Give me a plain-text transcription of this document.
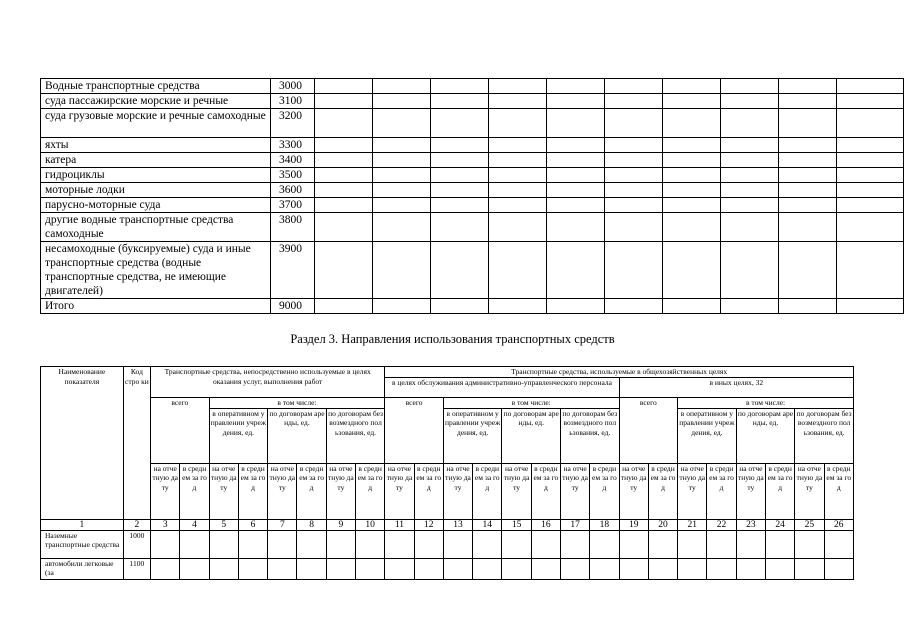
Водные транспортные средства	3000										
суда пассажирские морские и речные	3100										
суда грузовые морские и речные самоходные	3200										
яхты	3300										
катера	3400										
гидроциклы	3500										
моторные лодки	3600										
парусно-моторные суда	3700										
другие водные транспортные средства самоходные	3800										
несамоходные (буксируемые) суда и иные транспортные средства (водные транспортные средства, не имеющие двигателей)	3900										
Итого	9000										
Раздел 3. Направления использования транспортных средств
Наименование показателя	Код стро ки	Транспортные средства, непосредственно используемые в целях оказания услуг, выполнения работ								Транспортные средства, используемые в общехозяйственных целях															
										в целях обслуживания административно-управленческого персонала								в иных целях, 32							
		всего		в том числе:						всего		в том числе:						всего		в том числе:					
				в оперативном управлении учреждения, ед.		по договорам аренды, ед.		по договорам безвозмездного пользования, ед.				в оперативном управлении учреждения, ед.		по договорам аренды, ед.		по договорам безвозмездного пользования, ед.				в оперативном управлении учреждения, ед.		по договорам аренды, ед.		по договорам безвозмездного пользования, ед.	
		на отчетную дату	в среднем за год	на отчетную дату	в среднем за год	на отчетную дату	в среднем за год	на отчетную дату	в среднем за год	на отчетную дату	в среднем за год	на отчетную дату	в среднем за год	на отчетную дату	в среднем за год	на отчетную дату	в среднем за год	на отчетную дату	в среднем за год	на отчетную дату	в среднем за год	на отчетную дату	в среднем за год	на отчетную дату	в среднем за год
1	2	3	4	5	6	7	8	9	10	11	12	13	14	15	16	17	18	19	20	21	22	23	24	25	26
Наземные транспортные средства	1000																								
автомобили легковые (за	1100																								
